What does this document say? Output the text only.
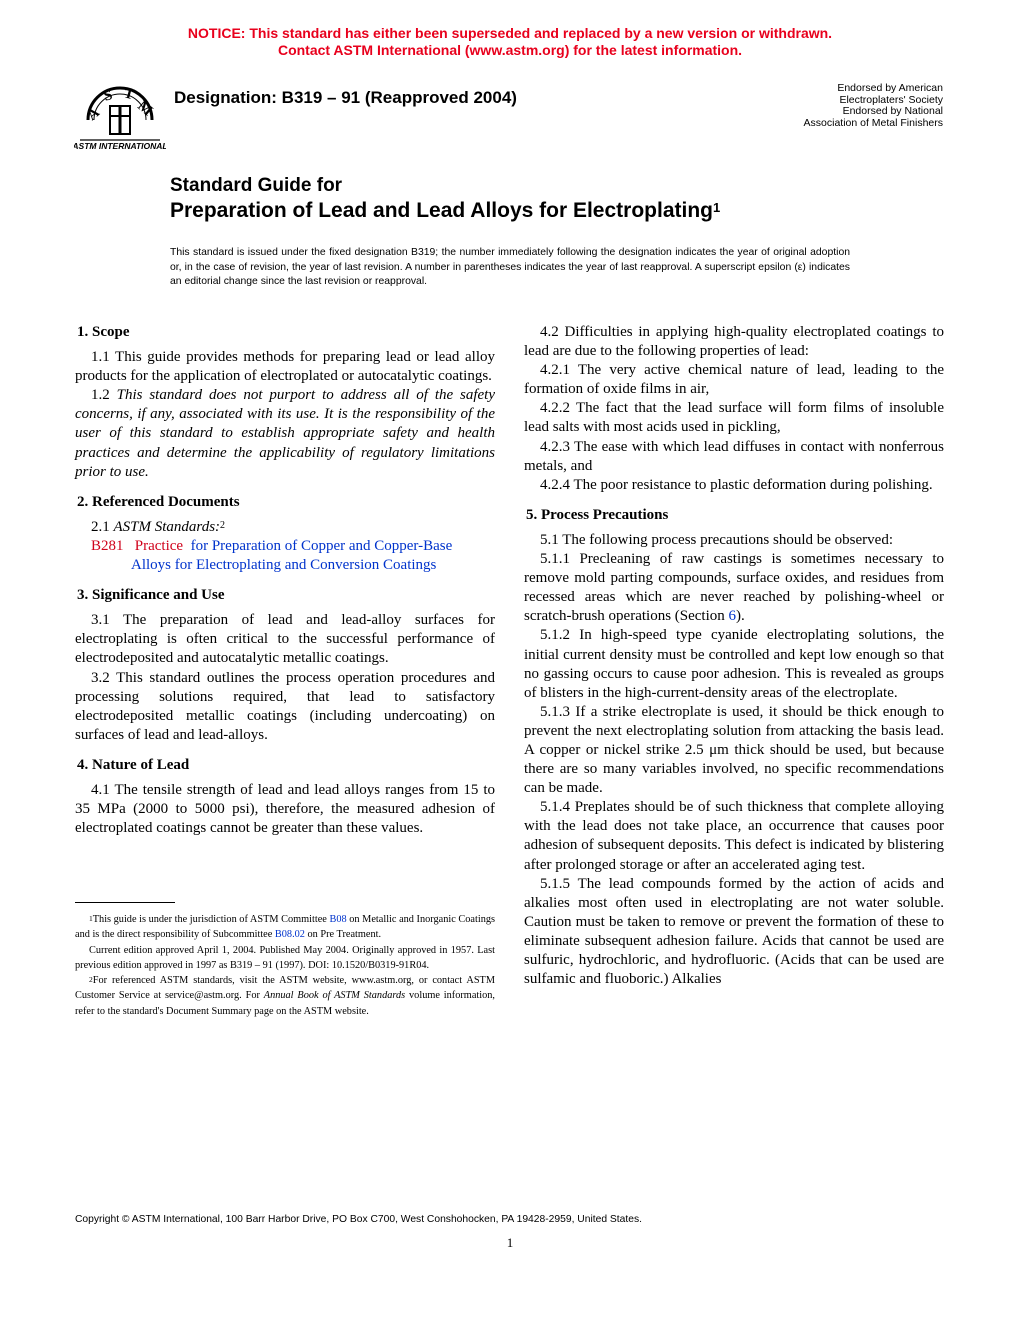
NOTICE: This standard has either been superseded and replaced by a new version or withdrawn.
Contact ASTM International (www.astm.org) for the latest information.
A
S T
M
ASTM INTERNATIONAL
Designation: B319 – 91 (Reapproved 2004)	Endorsed by American
Electroplaters' Society
Endorsed by National
Association of Metal Finishers
Standard Guide for
Preparation of Lead and Lead Alloys for Electroplating$^1$
This standard is issued under the fixed designation B319; the number immediately following the designation indicates the year of original adoption or, in the case of revision, the year of last revision. A number in parentheses indicates the year of last reapproval. A superscript epsilon (ε) indicates an editorial change since the last revision or reapproval.
1. Scope

1.1 This guide provides methods for preparing lead or lead alloy products for the application of electroplated or autocatalytic coatings.

1.2 This standard does not purport to address all of the safety concerns, if any, associated with its use. It is the responsibility of the user of this standard to establish appropriate safety and health practices and determine the applicability of regulatory limitations prior to use.

2. Referenced Documents

2.1 ASTM Standards:$^2$

B281 Practice for Preparation of Copper and Copper-Base Alloys for Electroplating and Conversion Coatings

3. Significance and Use

3.1 The preparation of lead and lead-alloy surfaces for electroplating is often critical to the successful performance of electrodeposited and autocatalytic metallic coatings.

3.2 This standard outlines the process operation procedures and processing solutions required, that lead to satisfactory electrodeposited metallic coatings (including undercoating) on surfaces of lead and lead-alloys.

4. Nature of Lead

4.1 The tensile strength of lead and lead alloys ranges from 15 to 35 MPa (2000 to 5000 psi), therefore, the measured adhesion of electroplated coatings cannot be greater than these values.

4.2 Difficulties in applying high-quality electroplated coatings to lead are due to the following properties of lead:

4.2.1 The very active chemical nature of lead, leading to the formation of oxide films in air,

4.2.2 The fact that the lead surface will form films of insoluble lead salts with most acids used in pickling,

4.2.3 The ease with which lead diffuses in contact with nonferrous metals, and

4.2.4 The poor resistance to plastic deformation during polishing.

5. Process Precautions

5.1 The following process precautions should be observed:

5.1.1 Precleaning of raw castings is sometimes necessary to remove mold parting compounds, surface oxides, and residues from recessed areas which are never reached by polishing-wheel or scratch-brush operations (Section 6).

5.1.2 In high-speed type cyanide electroplating solutions, the initial current density must be controlled and kept low enough so that no gassing occurs to cause poor adhesion. This is revealed as groups of blisters in the high-current-density areas of the electroplate.

5.1.3 If a strike electroplate is used, it should be thick enough to prevent the next electroplating solution from attacking the basis lead. A copper or nickel strike 2.5 μm thick should be used, but because there are so many variables involved, no specific recommendations can be made.

5.1.4 Preplates should be of such thickness that complete alloying with the lead does not take place, an occurrence that causes poor adhesion of subsequent deposits. This defect is indicated by blistering after prolonged storage or after an accelerated aging test.

5.1.5 The lead compounds formed by the action of acids and alkalies most often used in electroplating are not water soluble. Caution must be taken to remove or prevent the formation of these to eliminate subsequent adhesion failure. Acids that cannot be used are sulfuric, hydrochloric, and hydrofluoric. (Acids that can be used are sulfamic and fluoboric.) Alkalies

$^1$This guide is under the jurisdiction of ASTM Committee B08 on Metallic and Inorganic Coatings and is the direct responsibility of Subcommittee B08.02 on Pre Treatment.

Current edition approved April 1, 2004. Published May 2004. Originally approved in 1957. Last previous edition approved in 1997 as B319 – 91 (1997). DOI: 10.1520/B0319-91R04.

$^2$For referenced ASTM standards, visit the ASTM website, www.astm.org, or contact ASTM Customer Service at service@astm.org. For Annual Book of ASTM Standards volume information, refer to the standard's Document Summary page on the ASTM website.

Copyright © ASTM International, 100 Barr Harbor Drive, PO Box C700, West Conshohocken, PA 19428-2959, United States.
1
